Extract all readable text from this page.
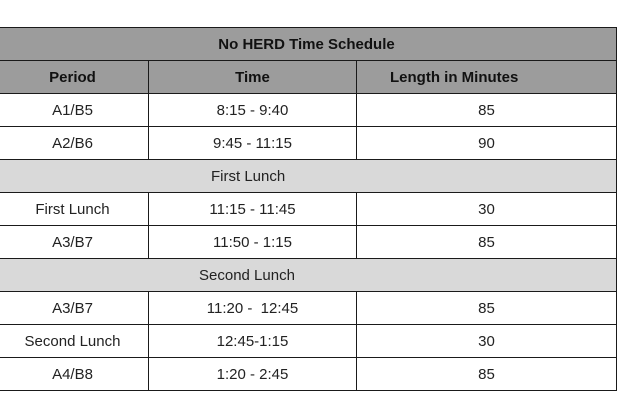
No HERD Time Schedule		
Period	Time	Length in Minutes
A1/B5	8:15 - 9:40	85
A2/B6	9:45 - 11:15	90
First Lunch		
First Lunch	11:15 - 11:45	30
A3/B7	11:50 - 1:15	85
Second Lunch		
A3/B7	11:20 -  12:45	85
Second Lunch	12:45-1:15	30
A4/B8	1:20 - 2:45	85
